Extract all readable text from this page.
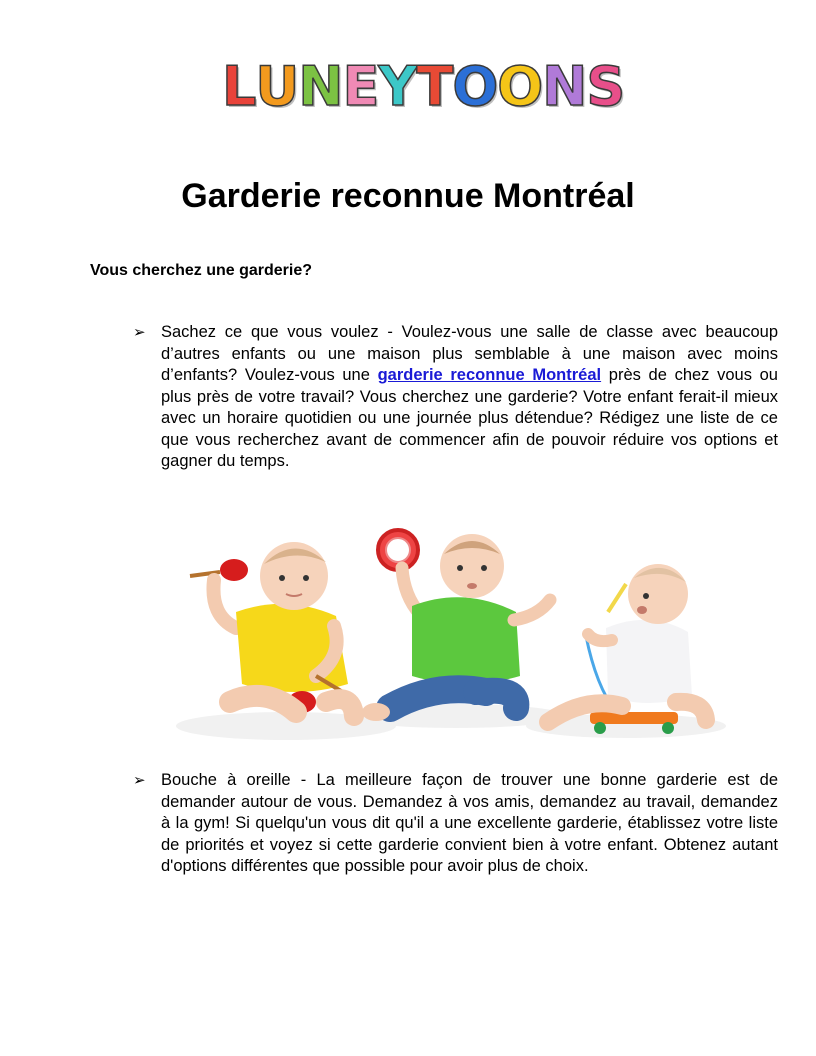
L U N E Y T O O N S
Garderie reconnue Montréal
Vous cherchez une garderie?
➢ Sachez ce que vous voulez - Voulez-vous une salle de classe avec beaucoup d’autres enfants ou une maison plus semblable à une maison avec moins d’enfants? Voulez-vous une garderie reconnue Montréal près de chez vous ou plus près de votre travail? Vous cherchez une garderie? Votre enfant ferait-il mieux avec un horaire quotidien ou une journée plus détendue? Rédigez une liste de ce que vous recherchez avant de commencer afin de pouvoir réduire vos options et gagner du temps.
➢ Bouche à oreille - La meilleure façon de trouver une bonne garderie est de demander autour de vous. Demandez à vos amis, demandez au travail, demandez à la gym! Si quelqu'un vous dit qu'il a une excellente garderie, établissez votre liste de priorités et voyez si cette garderie convient bien à votre enfant. Obtenez autant d'options différentes que possible pour avoir plus de choix.
